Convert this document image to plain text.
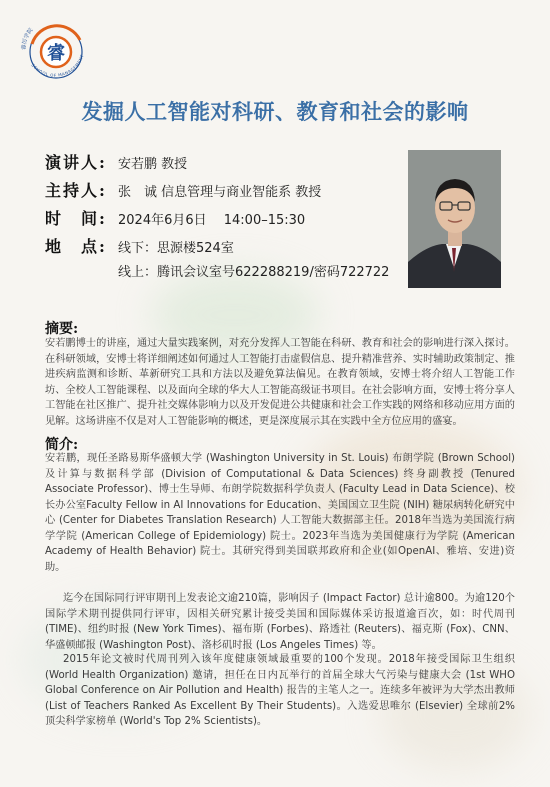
睿
睿厉学院
SCHOOL OF MANAGEMENT
发掘人工智能对科研、教育和社会的影响
演讲人: 安若鹏 教授
主持人: 张　诚 信息管理与商业智能系 教授
时　间: 2024年6月6日　 14:00–15:30
地　点: 线下：思源楼524室
线上：腾讯会议室号622288219/密码722722
摘要:

安若鹏博士的讲座，通过大量实践案例，对充分发挥人工智能在科研、教育和社会的影响进行深入探讨。在科研领域，安博士将详细阐述如何通过人工智能打击虚假信息、提升精准营养、实时辅助政策制定、推进疾病监测和诊断、革新研究工具和方法以及避免算法偏见。在教育领域，安博士将介绍人工智能工作坊、全校人工智能课程、以及面向全球的华大人工智能高级证书项目。在社会影响方面，安博士将分享人工智能在社区推广、提升社交媒体影响力以及开发促进公共健康和社会工作实践的网络和移动应用方面的见解。这场讲座不仅是对人工智能影响的概述，更是深度展示其在实践中全方位应用的盛宴。

简介:

安若鹏，现任圣路易斯华盛顿大学 (Washington University in St. Louis) 布朗学院 (Brown School) 及计算与数据科学部 (Division of Computational & Data Sciences) 终身副教授 (Tenured Associate Professor)、博士生导师、布朗学院数据科学负责人 (Faculty Lead in Data Science)、校长办公室Faculty Fellow in AI Innovations for Education、美国国立卫生院 (NIH) 糖尿病转化研究中心 (Center for Diabetes Translation Research) 人工智能大数据部主任。2018年当选为美国流行病学学院 (American College of Epidemiology) 院士。2023年当选为美国健康行为学院 (American Academy of Health Behavior) 院士。其研究得到美国联邦政府和企业(如OpenAI、雅培、安进)资助。

迄今在国际同行评审期刊上发表论文逾210篇，影响因子 (Impact Factor) 总计逾800。为逾120个国际学术期刊提供同行评审，因相关研究累计接受美国和国际媒体采访报道逾百次，如：时代周刊 (TIME)、纽约时报 (New York Times)、福布斯 (Forbes)、路透社 (Reuters)、福克斯 (Fox)、CNN、华盛顿邮报 (Washington Post)、洛杉矶时报 (Los Angeles Times) 等。

2015年论文被时代周刊列入该年度健康领域最重要的100个发现。2018年接受国际卫生组织 (World Health Organization) 邀请，担任在日内瓦举行的首届全球大气污染与健康大会 (1st WHO Global Conference on Air Pollution and Health) 报告的主笔人之一。连续多年被评为大学杰出教师 (List of Teachers Ranked As Excellent By Their Students)。入选爱思唯尔 (Elsevier) 全球前2%顶尖科学家榜单 (World's Top 2% Scientists)。
